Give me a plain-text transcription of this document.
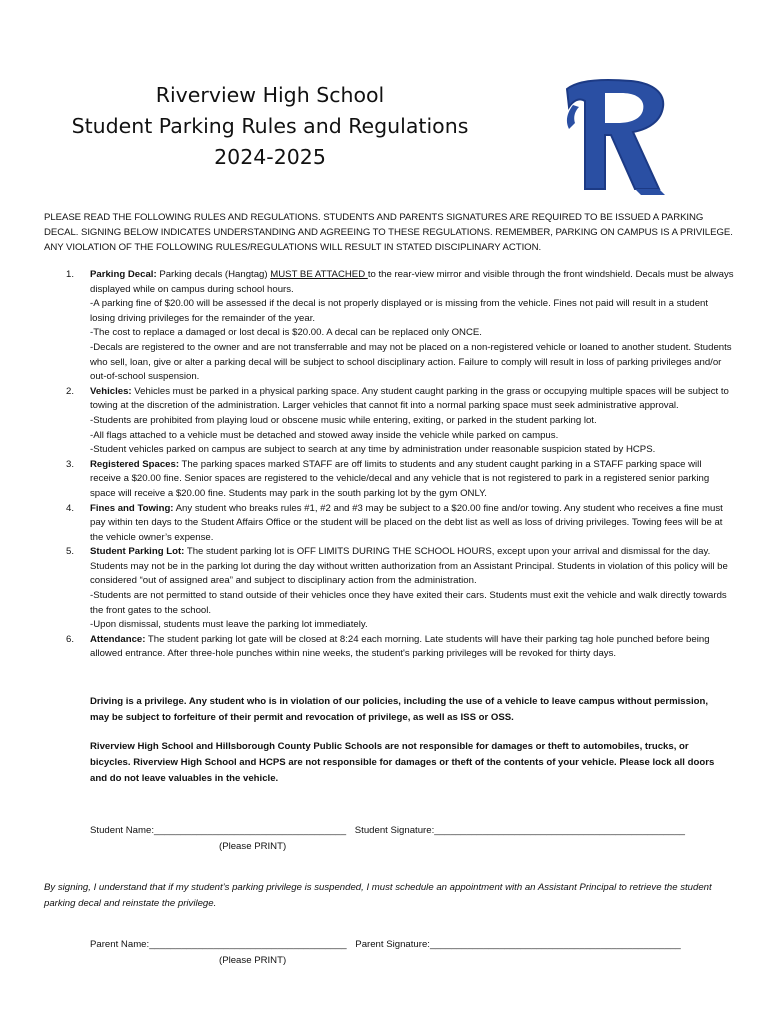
Riverview High School
Student Parking Rules and Regulations
2024-2025
PLEASE READ THE FOLLOWING RULES AND REGULATIONS. STUDENTS AND PARENTS SIGNATURES ARE REQUIRED TO BE ISSUED A PARKING DECAL. SIGNING BELOW INDICATES UNDERSTANDING AND AGREEING TO THESE REGULATIONS. REMEMBER, PARKING ON CAMPUS IS A PRIVILEGE. ANY VIOLATION OF THE FOLLOWING RULES/REGULATIONS WILL RESULT IN STATED DISCIPLINARY ACTION.
1. Parking Decal: Parking decals (Hangtag) MUST BE ATTACHED to the rear-view mirror and visible through the front windshield. Decals must be always displayed while on campus during school hours.
-A parking fine of $20.00 will be assessed if the decal is not properly displayed or is missing from the vehicle. Fines not paid will result in a student losing driving privileges for the remainder of the year.
-The cost to replace a damaged or lost decal is $20.00. A decal can be replaced only ONCE.
-Decals are registered to the owner and are not transferrable and may not be placed on a non-registered vehicle or loaned to another student. Students who sell, loan, give or alter a parking decal will be subject to school disciplinary action. Failure to comply will result in loss of parking privileges and/or out-of-school suspension.
2. Vehicles: Vehicles must be parked in a physical parking space. Any student caught parking in the grass or occupying multiple spaces will be subject to towing at the discretion of the administration. Larger vehicles that cannot fit into a normal parking space must seek administrative approval.
-Students are prohibited from playing loud or obscene music while entering, exiting, or parked in the student parking lot.
-All flags attached to a vehicle must be detached and stowed away inside the vehicle while parked on campus.
-Student vehicles parked on campus are subject to search at any time by administration under reasonable suspicion stated by HCPS.
3. Registered Spaces: The parking spaces marked STAFF are off limits to students and any student caught parking in a STAFF parking space will receive a $20.00 fine. Senior spaces are registered to the vehicle/decal and any vehicle that is not registered to park in a registered senior parking space will receive a $20.00 fine. Students may park in the south parking lot by the gym ONLY.
4. Fines and Towing: Any student who breaks rules #1, #2 and #3 may be subject to a $20.00 fine and/or towing. Any student who receives a fine must pay within ten days to the Student Affairs Office or the student will be placed on the debt list as well as loss of driving privileges. Towing fees will be at the vehicle owner’s expense.
5. Student Parking Lot: The student parking lot is OFF LIMITS DURING THE SCHOOL HOURS, except upon your arrival and dismissal for the day. Students may not be in the parking lot during the day without written authorization from an Assistant Principal. Students in violation of this policy will be considered “out of assigned area” and subject to disciplinary action from the administration.
-Students are not permitted to stand outside of their vehicles once they have exited their cars. Students must exit the vehicle and walk directly towards the front gates to the school.
-Upon dismissal, students must leave the parking lot immediately.
6. Attendance: The student parking lot gate will be closed at 8:24 each morning. Late students will have their parking tag hole punched before being allowed entrance. After three-hole punches within nine weeks, the student's parking privileges will be revoked for thirty days.
Driving is a privilege. Any student who is in violation of our policies, including the use of a vehicle to leave campus without permission, may be subject to forfeiture of their permit and revocation of privilege, as well as ISS or OSS.
Riverview High School and Hillsborough County Public Schools are not responsible for damages or theft to automobiles, trucks, or bicycles. Riverview High School and HCPS are not responsible for damages or theft of the contents of your vehicle. Please lock all doors and do not leave valuables in the vehicle.
Student Name:____________________________________ Student Signature:_______________________________________________
(Please PRINT)
By signing, I understand that if my student’s parking privilege is suspended, I must schedule an appointment with an Assistant Principal to retrieve the student parking decal and reinstate the privilege.
Parent Name:_____________________________________ Parent Signature:_______________________________________________
(Please PRINT)
